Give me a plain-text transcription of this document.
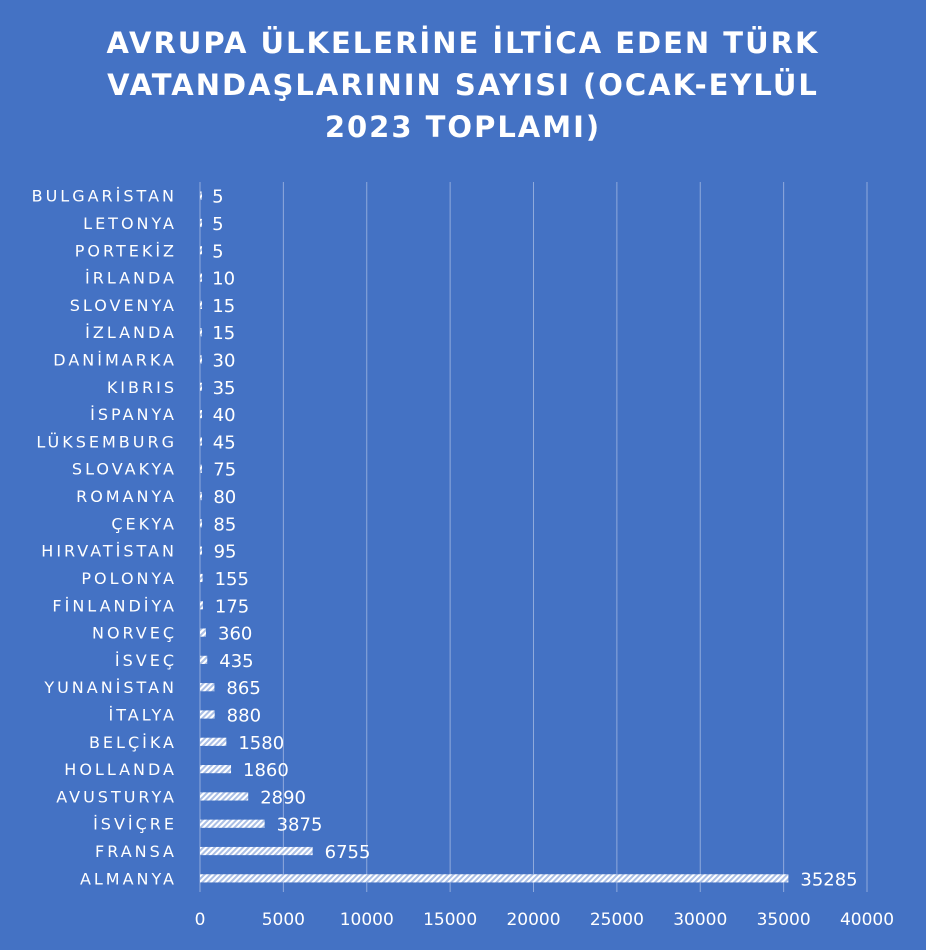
AVRUPA ÜLKELERİNE İLTİCA EDEN TÜRK
VATANDAŞLARININ SAYISI (OCAK-EYLÜL
2023 TOPLAMI)
BULGARİSTAN
LETONYA
PORTEKİZ
İRLANDA
SLOVENYA
İZLANDA
DANİMARKA
KIBRIS
İSPANYA
LÜKSEMBURG
SLOVAKYA
ROMANYA
ÇEKYA
HIRVATİSTAN
POLONYA
FİNLANDİYA
NORVEÇ
İSVEÇ
YUNANİSTAN
İTALYA
BELÇİKA
HOLLANDA
AVUSTURYA
İSVİÇRE
FRANSA
ALMANYA
5
5
5
10
15
15
30
35
40
45
75
80
85
95
155
175
360
435
865
880
1580
1860
2890
3875
6755
35285
0	5000 10000 15000 20000 25000 30000 35000 40000
